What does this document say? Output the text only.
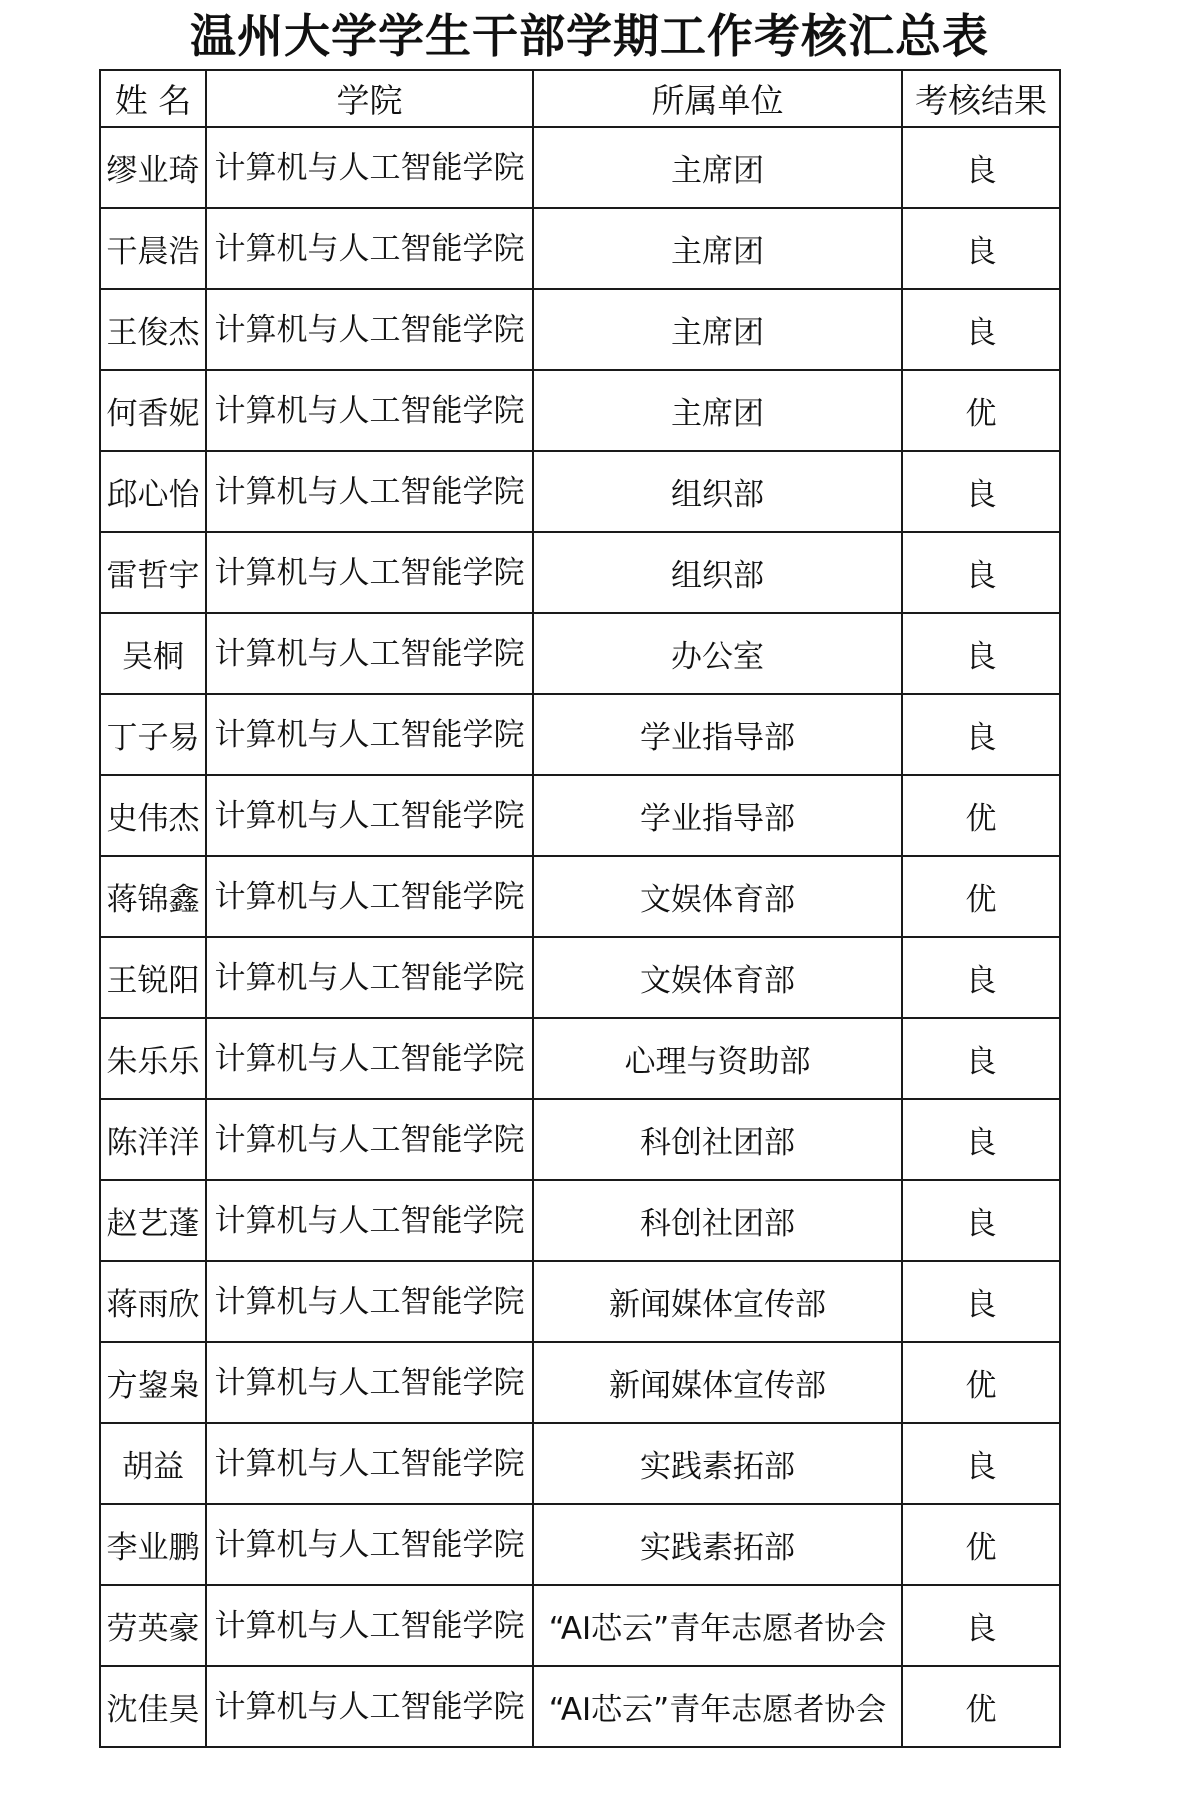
温州大学学生干部学期工作考核汇总表
姓 名	学院	所属单位	考核结果
缪业琦	计算机与人工智能学院	主席团	良
干晨浩	计算机与人工智能学院	主席团	良
王俊杰	计算机与人工智能学院	主席团	良
何香妮	计算机与人工智能学院	主席团	优
邱心怡	计算机与人工智能学院	组织部	良
雷哲宇	计算机与人工智能学院	组织部	良
吴桐	计算机与人工智能学院	办公室	良
丁子易	计算机与人工智能学院	学业指导部	良
史伟杰	计算机与人工智能学院	学业指导部	优
蒋锦鑫	计算机与人工智能学院	文娱体育部	优
王锐阳	计算机与人工智能学院	文娱体育部	良
朱乐乐	计算机与人工智能学院	心理与资助部	良
陈洋洋	计算机与人工智能学院	科创社团部	良
赵艺蓬	计算机与人工智能学院	科创社团部	良
蒋雨欣	计算机与人工智能学院	新闻媒体宣传部	良
方鋆枭	计算机与人工智能学院	新闻媒体宣传部	优
胡益	计算机与人工智能学院	实践素拓部	良
李业鹏	计算机与人工智能学院	实践素拓部	优
劳英豪	计算机与人工智能学院	“AI芯云”青年志愿者协会	良
沈佳昊	计算机与人工智能学院	“AI芯云”青年志愿者协会	优
